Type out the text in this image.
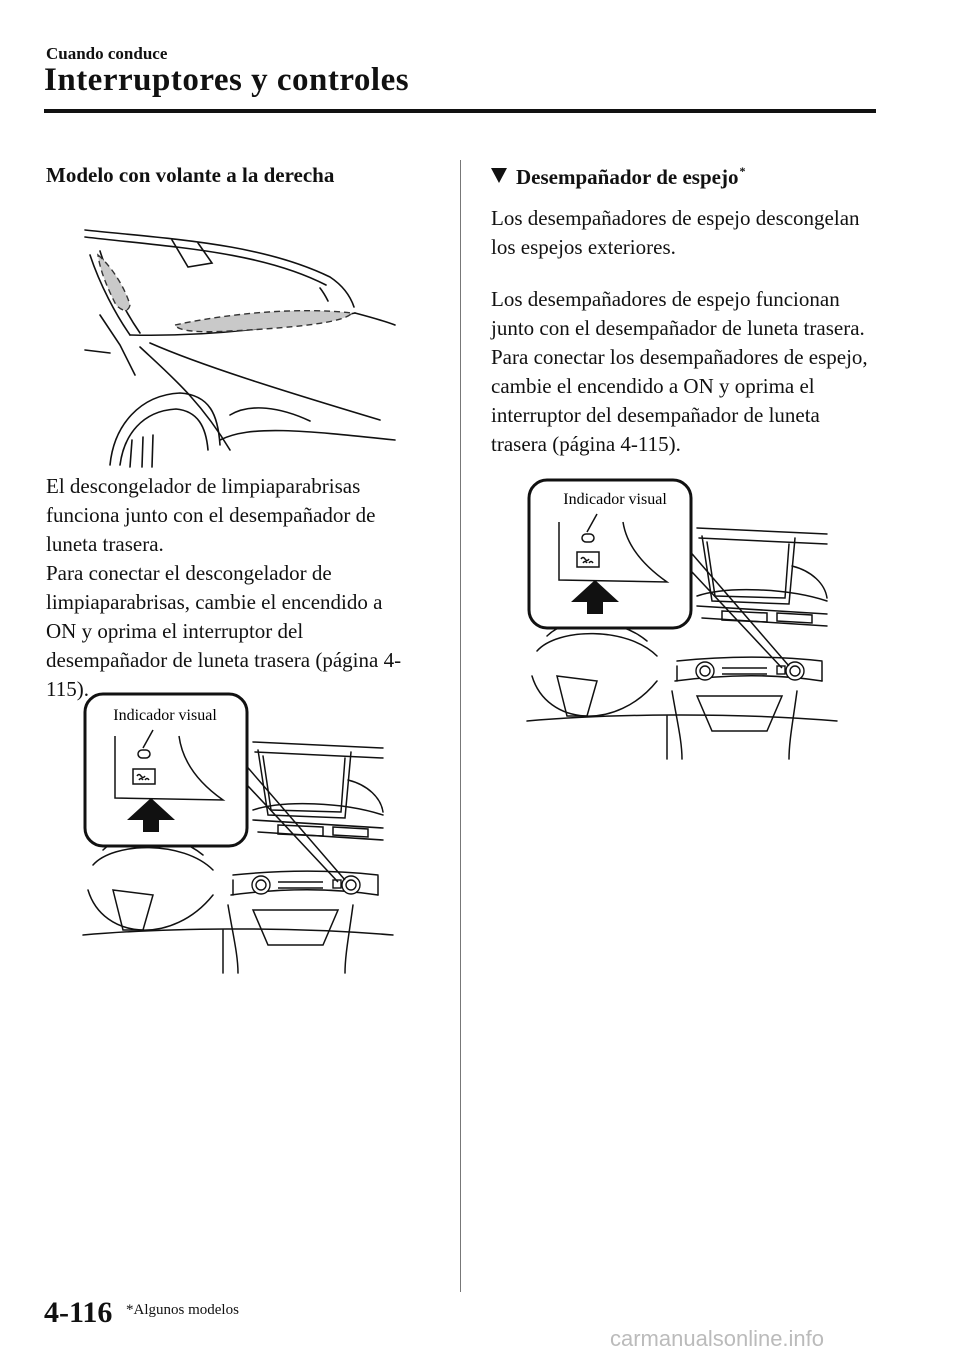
Cuando conduce
Interruptores y controles
Modelo con volante a la derecha

El descongelador de limpiaparabrisas funciona junto con el desempañador de luneta trasera.

Para conectar el descongelador de limpiaparabrisas, cambie el encendido a ON y oprima el interruptor del desempañador de luneta trasera (página 4-115).

Indicador visual
Desempañador de espejo*

Los desempañadores de espejo descongelan los espejos exteriores.

Los desempañadores de espejo funcionan junto con el desempañador de luneta trasera.

Para conectar los desempañadores de espejo, cambie el encendido a ON y oprima el interruptor del desempañador de luneta trasera (página 4-115).

Indicador visual
4-116 *Algunos modelos
carmanualsonline.info
